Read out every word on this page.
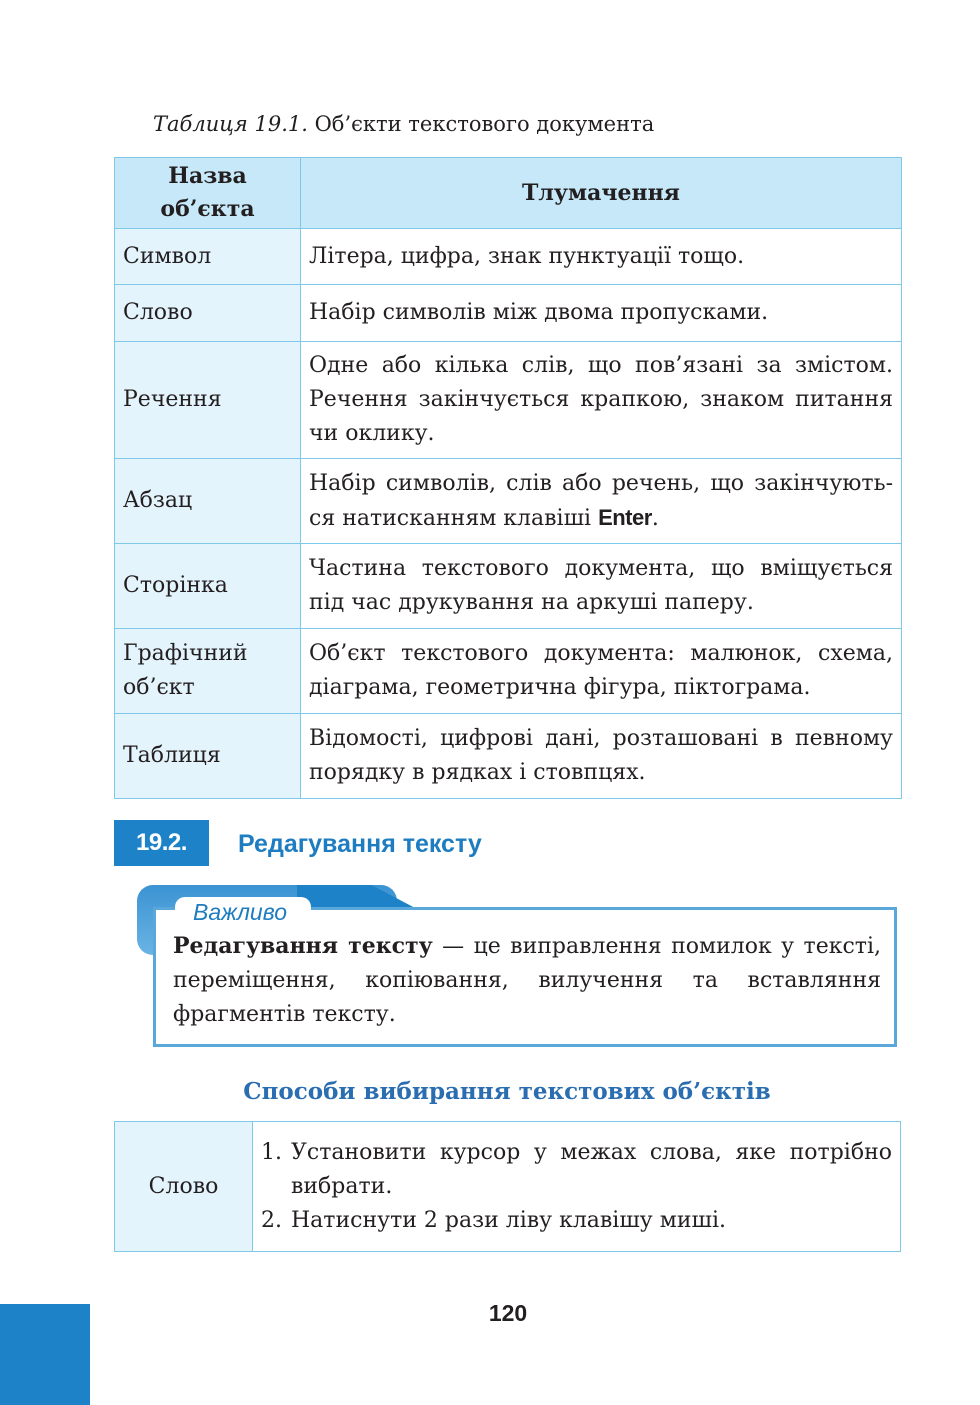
Таблиця 19.1. Об’єкти текстового документа
Назва об’єкта	Тлумачення
Символ	Літера, цифра, знак пунктуації тощо.
Слово	Набір символів між двома пропусками.
Речення	Одне або кілька слів, що пов’язані за змістом. Речення закінчується крапкою, знаком питання чи оклику.
Абзац	Набір символів, слів або речень, що закінчують-ся натисканням клавіші Enter.
Сторінка	Частина текстового документа, що вміщується під час друкування на аркуші паперу.
Графічний об’єкт	Об’єкт текстового документа: малюнок, схема, діаграма, геометрична фігура, піктограма.
Таблиця	Відомості, цифрові дані, розташовані в певному порядку в рядках і стовпцях.
19.2.	Редагування тексту
Важливо
Редагування тексту — це виправлення помилок у тексті, переміщення, копіювання, вилучення та вставляння фрагментів тексту.
Способи вибирання текстових об’єктів
Слово	
1. Установити курсор у межах слова, яке потрібно вибрати.
2. Натиснути 2 рази ліву клавішу миші.
120
